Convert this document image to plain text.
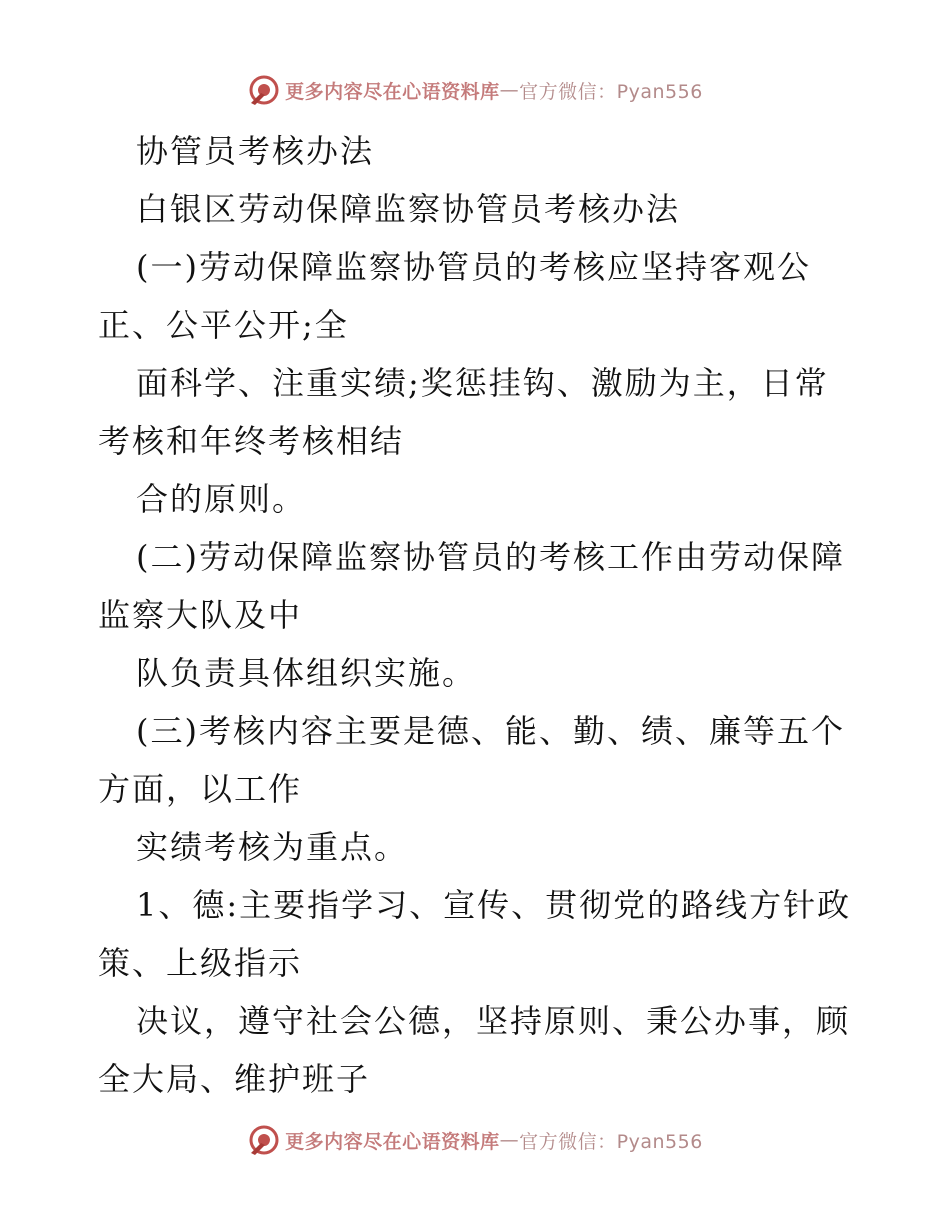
更多内容尽在心语资料库 — 官方微信：Pyan556
协管员考核办法
白银区劳动保障监察协管员考核办法
(一)劳动保障监察协管员的考核应坚持客观公
正、公平公开;全
面科学、注重实绩;奖惩挂钩、激励为主，日常
考核和年终考核相结
合的原则。
(二)劳动保障监察协管员的考核工作由劳动保障
监察大队及中
队负责具体组织实施。
(三)考核内容主要是德、能、勤、绩、廉等五个
方面，以工作
实绩考核为重点。
1、德:主要指学习、宣传、贯彻党的路线方针政
策、上级指示
决议，遵守社会公德，坚持原则、秉公办事，顾
全大局、维护班子
更多内容尽在心语资料库 — 官方微信：Pyan556
